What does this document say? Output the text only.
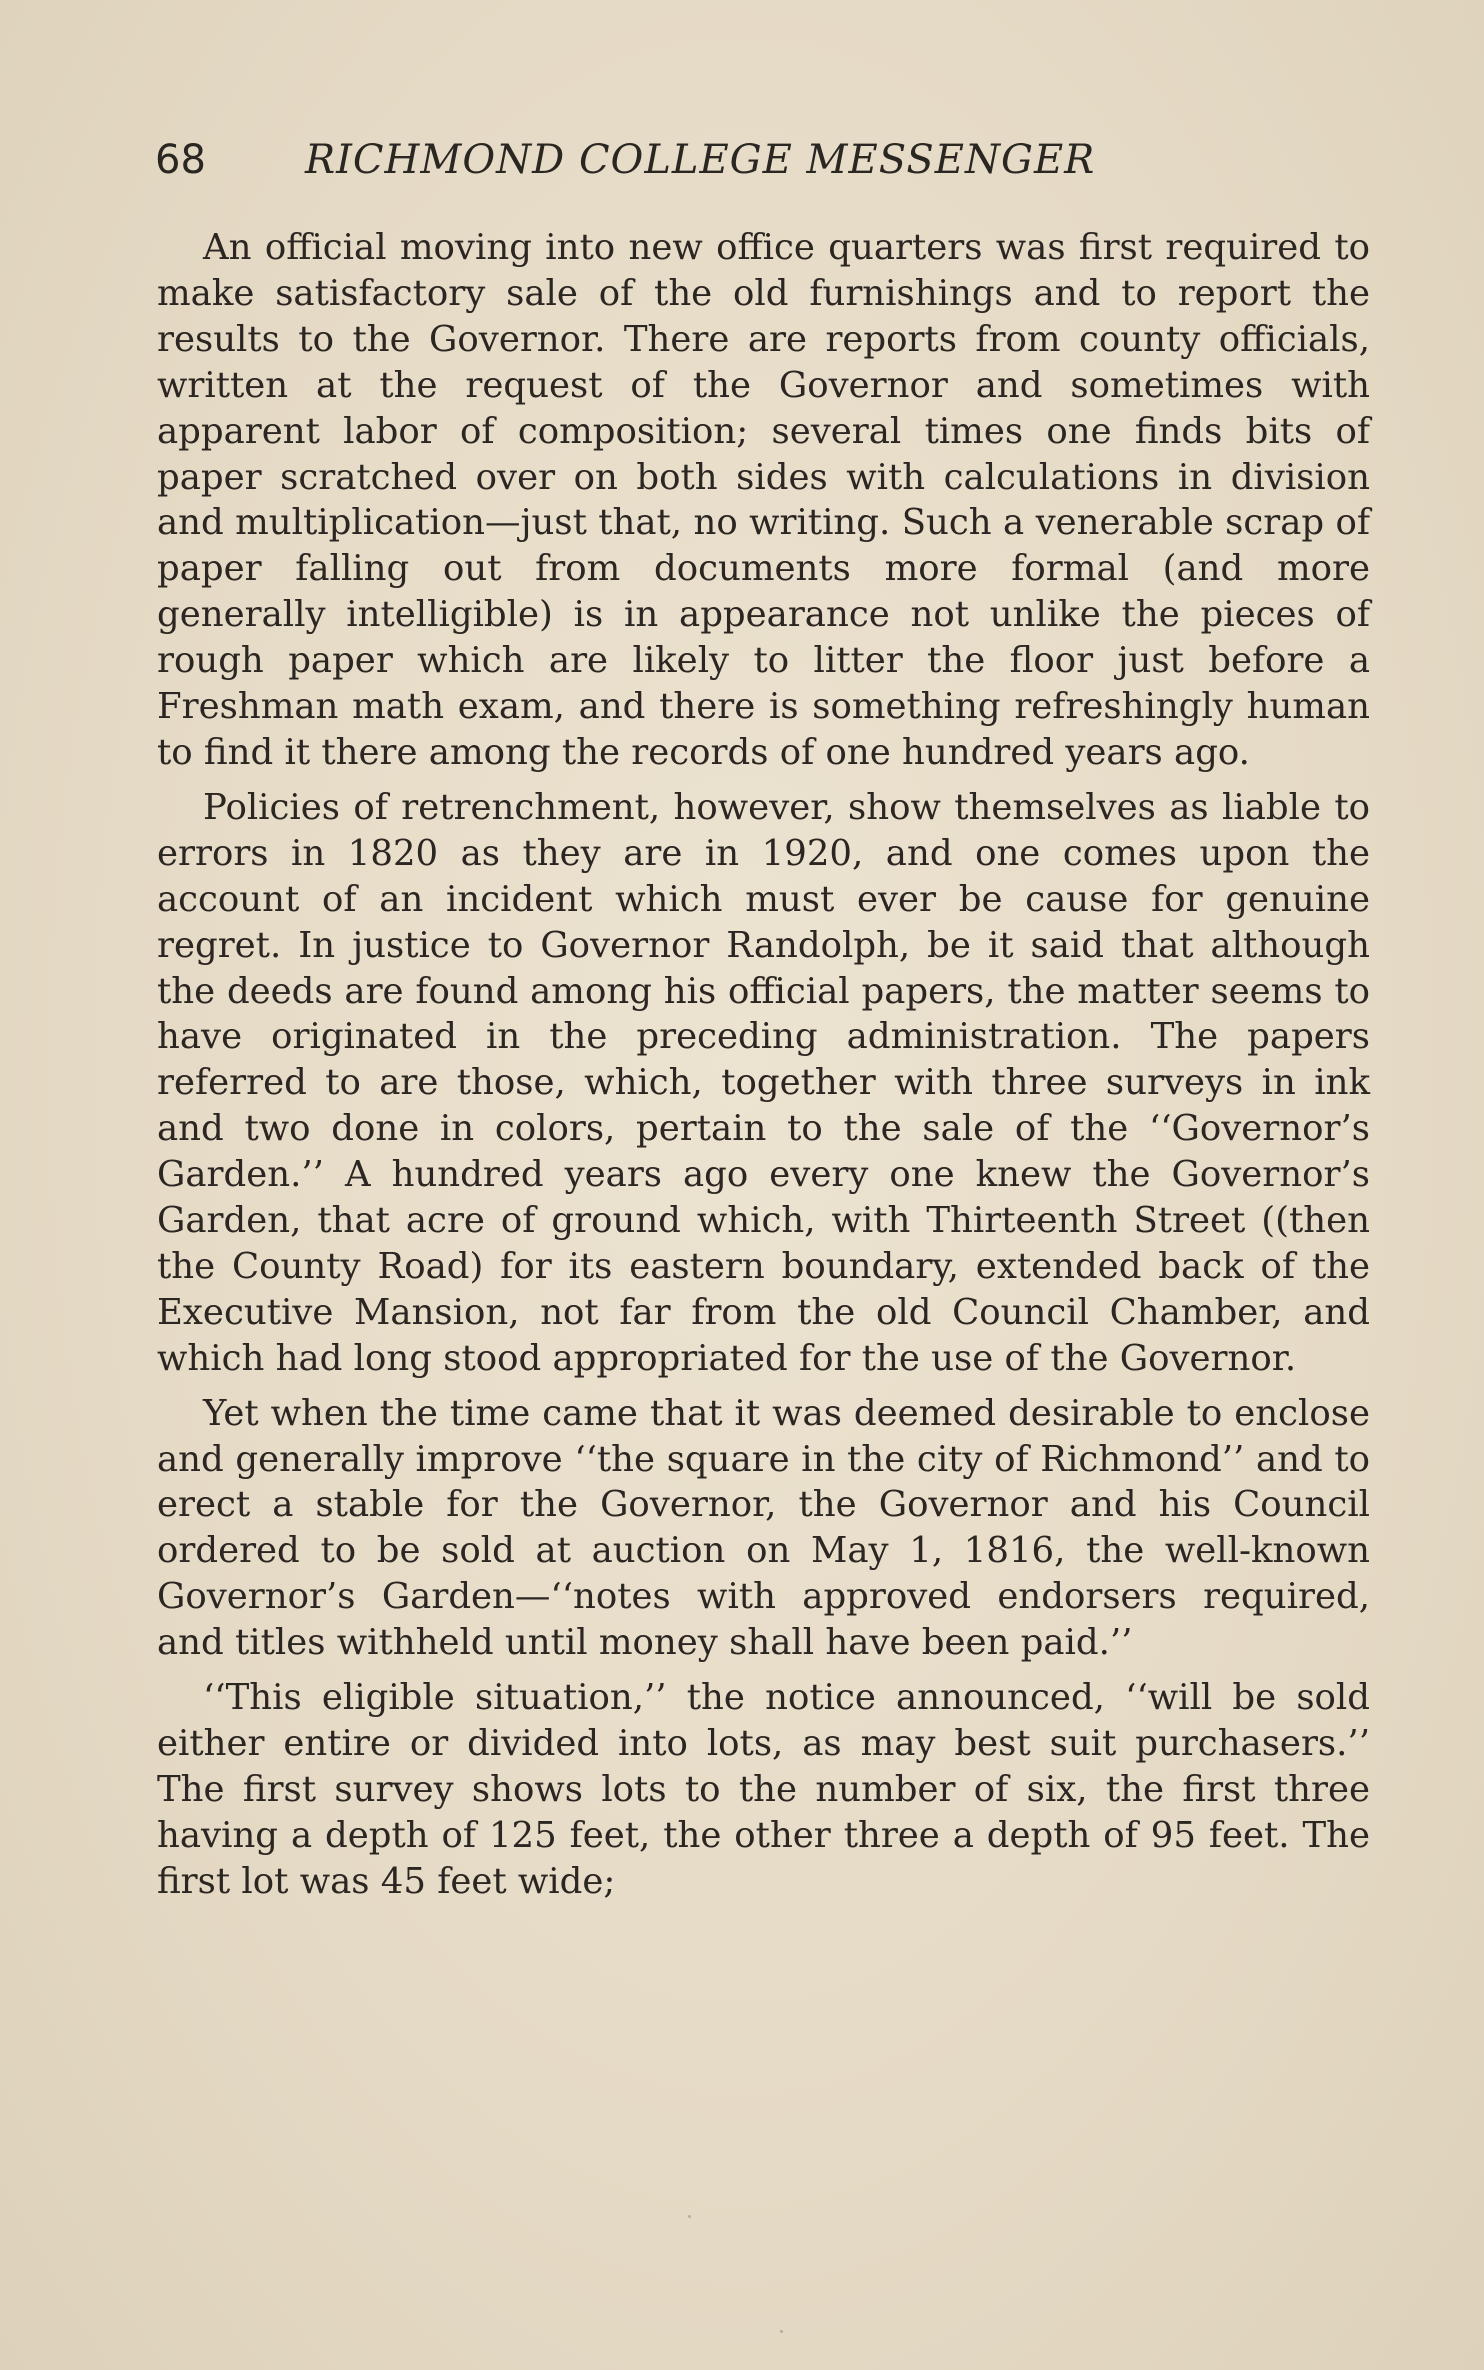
68 RICHMOND COLLEGE MESSENGER

An official moving into new office quarters was first required to make satisfactory sale of the old furnishings and to report the results to the Governor. There are reports from county officials, written at the request of the Governor and sometimes with apparent labor of composition; several times one finds bits of paper scratched over on both sides with calculations in division and multiplication—just that, no writing. Such a venerable scrap of paper falling out from documents more formal (and more generally intelligible) is in appearance not unlike the pieces of rough paper which are likely to litter the floor just before a Freshman math exam, and there is something refreshingly human to find it there among the records of one hundred years ago.

Policies of retrenchment, however, show themselves as liable to errors in 1820 as they are in 1920, and one comes upon the account of an incident which must ever be cause for genuine regret. In justice to Governor Randolph, be it said that although the deeds are found among his official papers, the matter seems to have originated in the preceding administration. The papers referred to are those, which, together with three surveys in ink and two done in colors, pertain to the sale of the ‘‘Governor’s Garden.’’ A hundred years ago every one knew the Governor’s Garden, that acre of ground which, with Thirteenth Street ((then the County Road) for its eastern boundary, extended back of the Executive Mansion, not far from the old Council Chamber, and which had long stood appropriated for the use of the Governor.

Yet when the time came that it was deemed desirable to enclose and generally improve ‘‘the square in the city of Richmond’’ and to erect a stable for the Governor, the Governor and his Council ordered to be sold at auction on May 1, 1816, the well-known Governor’s Garden—‘‘notes with approved endorsers required, and titles withheld until money shall have been paid.’’

‘‘This eligible situation,’’ the notice announced, ‘‘will be sold either entire or divided into lots, as may best suit purchasers.’’ The first survey shows lots to the number of six, the first three having a depth of 125 feet, the other three a depth of 95 feet. The first lot was 45 feet wide;
